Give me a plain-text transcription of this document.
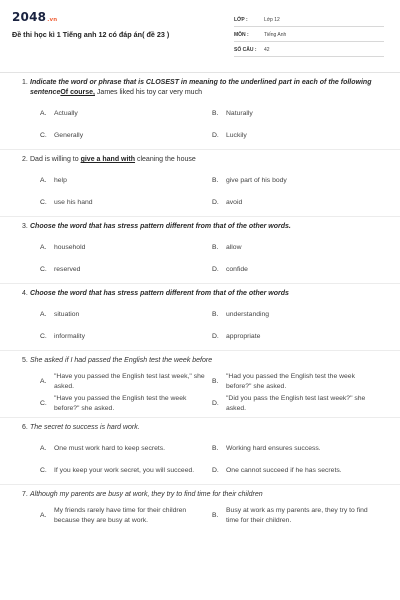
2048.vn
Đề thi học kì 1 Tiếng anh 12 có đáp án( đề 23 )
LỚP :	Lớp 12
MÔN :	Tiếng Anh
SỐ CÂU :	42
1. Indicate the word or phrase that is CLOSEST in meaning to the underlined part in each of the following sentenceOf course, James liked his toy car very much
A.	Actually	B.	Naturally
C.	Generally	D.	Luckily
2. Dad is willing to give a hand with cleaning the house
A.	help	B.	give part of his body
C.	use his hand	D.	avoid
3. Choose the word that has stress pattern different from that of the other words.
A.	household	B.	allow
C.	reserved	D.	confide
4. Choose the word that has stress pattern different from that of the other words
A.	situation	B.	understanding
C.	informality	D.	appropriate
5. She asked if I had passed the English test the week before
A.
"Have you passed the English test last week," she asked.
B.
"Had you passed the English test the week before?" she asked.
C.
"Have you passed the English test the week before?" she asked.
D.
"Did you pass the English test last week?" she asked.
6. The secret to success is hard work.
A.	One must work hard to keep secrets.	B.	Working hard ensures success.
C.	If you keep your work secret, you will succeed.	D.	One cannot succeed if he has secrets.
7. Although my parents are busy at work, they try to find time for their children
A.
My friends rarely have time for their children because they are busy at work.
B.
Busy at work as my parents are, they try to find time for their children.
